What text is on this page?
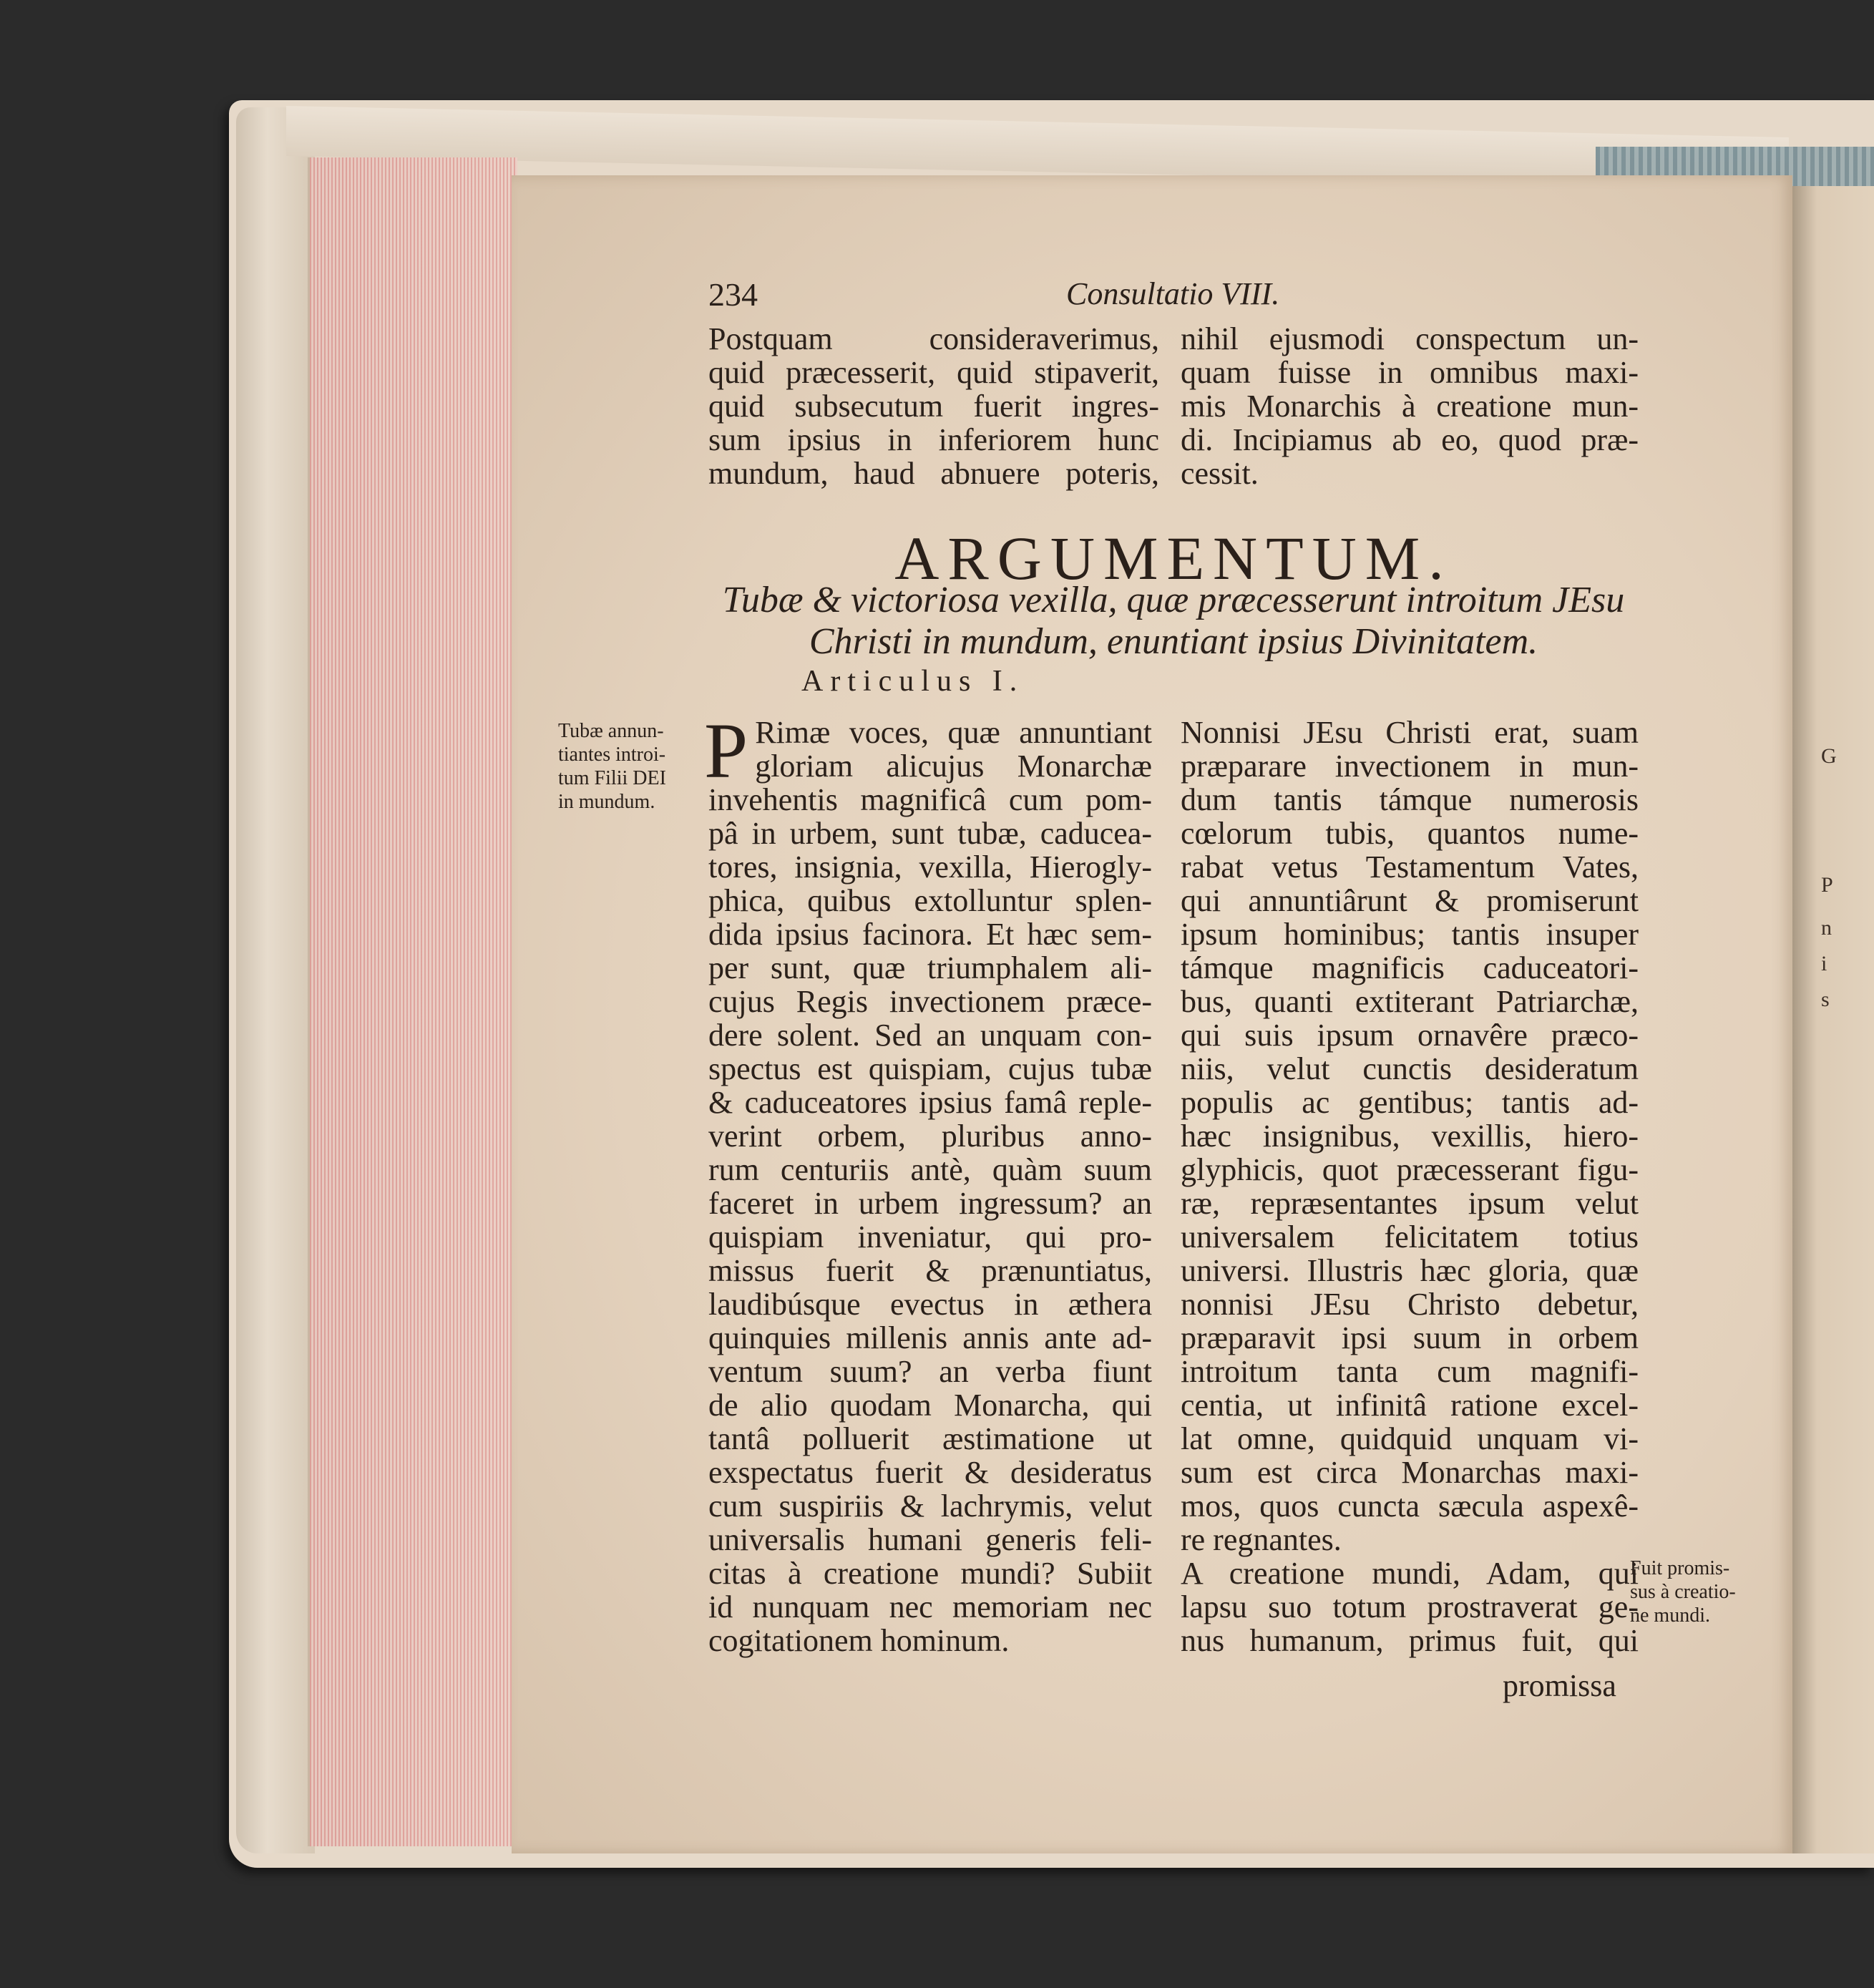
G
P
n
i
s
234	Consultatio VIII.
Postquam consideraverimus,
quid præcesserit, quid stipaverit,
quid subsecutum fuerit ingres-
sum ipsius in inferiorem hunc
mundum, haud abnuere poteris,
nihil ejusmodi conspectum un-
quam fuisse in omnibus maxi-
mis Monarchis à creatione mun-
di. Incipiamus ab eo, quod præ-
cessit.
ARGUMENTUM.
Tubæ & victoriosa vexilla, quæ præcesserunt introitum JEsu
Christi in mundum, enuntiant ipsius Divinitatem.
Articulus I.
Tubæ annun-
tiantes introi-
tum Filii DEI
in mundum.
P Rimæ voces, quæ annuntiant
gloriam alicujus Monarchæ
invehentis magnificâ cum pom-
pâ in urbem, sunt tubæ, caducea-
tores, insignia, vexilla, Hierogly-
phica, quibus extolluntur splen-
dida ipsius facinora. Et hæc sem-
per sunt, quæ triumphalem ali-
cujus Regis invectionem præce-
dere solent. Sed an unquam con-
spectus est quispiam, cujus tubæ
& caduceatores ipsius famâ reple-
verint orbem, pluribus anno-
rum centuriis antè, quàm suum
faceret in urbem ingressum? an
quispiam inveniatur, qui pro-
missus fuerit & prænuntiatus,
laudibúsque evectus in æthera
quinquies millenis annis ante ad-
ventum suum? an verba fiunt
de alio quodam Monarcha, qui
tantâ polluerit æstimatione ut
exspectatus fuerit & desideratus
cum suspiriis & lachrymis, velut
universalis humani generis feli-
citas à creatione mundi? Subiit
id nunquam nec memoriam nec
cogitationem hominum.
Nonnisi JEsu Christi erat, suam
præparare invectionem in mun-
dum tantis támque numerosis
cœlorum tubis, quantos nume-
rabat vetus Testamentum Vates,
qui annuntiârunt & promiserunt
ipsum hominibus; tantis insuper
támque magnificis caduceatori-
bus, quanti extiterant Patriarchæ,
qui suis ipsum ornavêre præco-
niis, velut cunctis desideratum
populis ac gentibus; tantis ad-
hæc insignibus, vexillis, hiero-
glyphicis, quot præcesserant figu-
ræ, repræsentantes ipsum velut
universalem felicitatem totius
universi. Illustris hæc gloria, quæ
nonnisi JEsu Christo debetur,
præparavit ipsi suum in orbem
introitum tanta cum magnifi-
centia, ut infinitâ ratione excel-
lat omne, quidquid unquam vi-
sum est circa Monarchas maxi-
mos, quos cuncta sæcula aspexê-
re regnantes.
A creatione mundi, Adam, qui
lapsu suo totum prostraverat ge-
nus humanum, primus fuit, qui
promissa
Fuit promis-
sus à creatio-
ne mundi.
